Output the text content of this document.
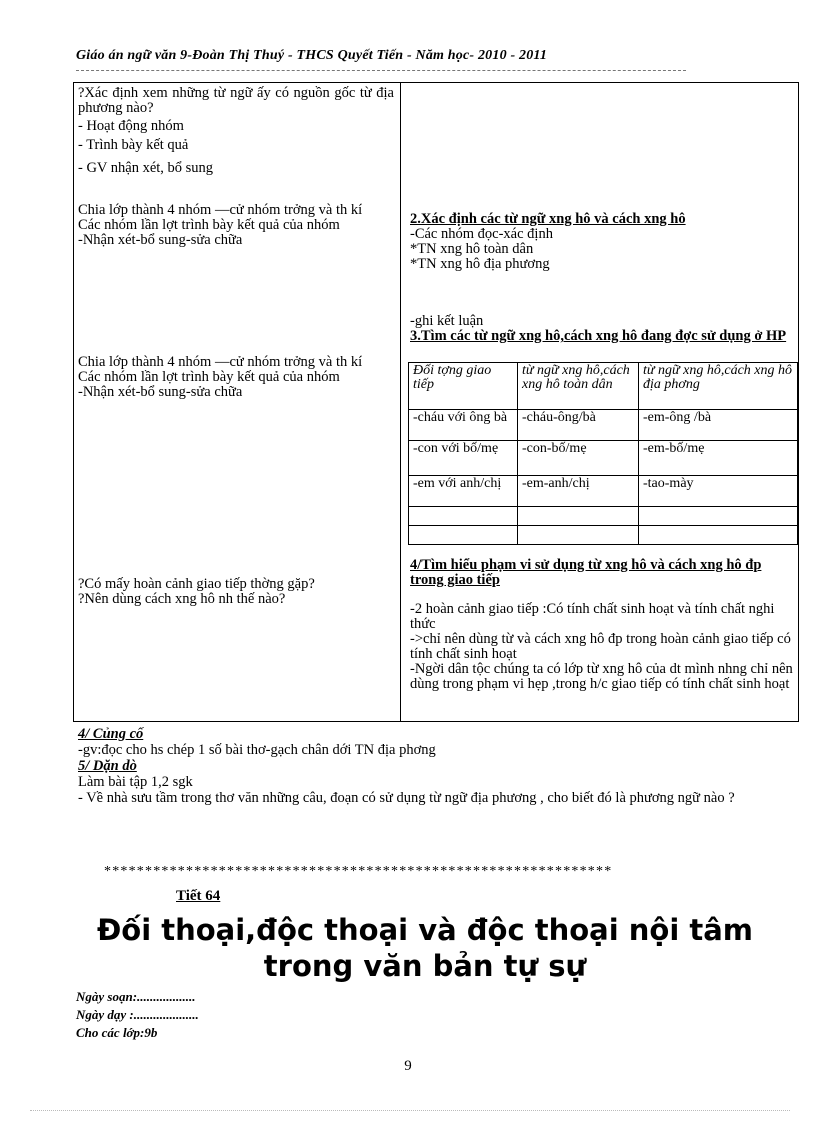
Giáo án ngữ văn 9-Đoàn Thị Thuý - THCS Quyết Tiến - Năm học- 2010 - 2011
?Xác định xem những từ ngữ ấy có nguồn gốc từ địa phương nào?
- Hoạt động nhóm
- Trình bày kết quả
- GV nhận xét, bổ sung
Chia lớp thành 4 nhóm —cử nhóm trởng và th kí
Các nhóm lần lợt trình bày kết quả của nhóm
-Nhận xét-bổ sung-sửa chữa
Chia lớp thành 4 nhóm —cử nhóm trởng và th kí
Các nhóm lần lợt trình bày kết quả của nhóm
-Nhận xét-bổ sung-sửa chữa
?Có mấy hoàn cảnh giao tiếp thờng gặp?
?Nên dùng cách xng hô nh thế nào?
2.Xác định các từ ngữ xng hô và cách xng hô
-Các nhóm đọc-xác định
*TN xng hô toàn dân
*TN xng hô địa phương
-ghi kết luận
3.Tìm các từ ngữ xng hô,cách xng hô đang đợc sử dụng ở HP
Đối tợng giao tiếp	từ ngữ xng hô,cách xng hô toàn dân	từ ngữ xng hô,cách xng hô địa phơng
-cháu với ông bà	-cháu-ông/bà	-em-ông /bà
-con với bố/mẹ	-con-bố/mẹ	-em-bố/mẹ
-em với anh/chị	-em-anh/chị	-tao-mày

4/Tìm hiểu phạm vi sử dụng từ xng hô và cách xng hô đp trong giao tiếp
-2 hoàn cảnh giao tiếp :Có tính chất sinh hoạt và tính chất nghi thức
->chỉ nên dùng từ và cách xng hô đp trong hoàn cảnh giao tiếp có tính chất sinh hoạt
-Ngời dân tộc chúng ta có lớp từ xng hô của dt mình nhng chỉ nên dùng trong phạm vi hẹp ,trong h/c giao tiếp có tính chất sinh hoạt
4/ Củng cố
-gv:đọc cho hs chép 1 số bài thơ-gạch chân dới TN địa phơng
5/ Dặn dò
Làm bài tập 1,2 sgk
- Về nhà sưu tầm trong thơ văn những câu, đoạn có sử dụng từ ngữ địa phương , cho biết đó là phương ngữ nào ?
**************************************************************
Tiết 64
Đối thoại,độc thoại và độc thoại nội tâm trong văn bản tự sự
Ngày soạn:..................
Ngày dạy :....................
Cho các lớp:9b
9
